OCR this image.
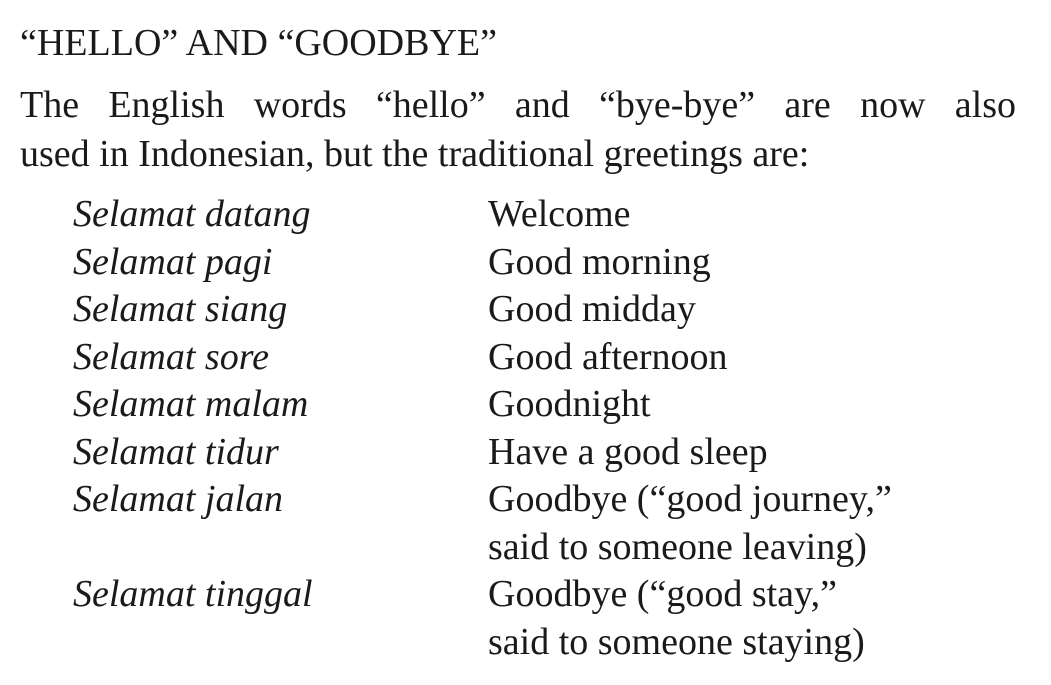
“HELLO” AND “GOODBYE”
The English words “hello” and “bye-bye” are now also
used in Indonesian, but the traditional greetings are:
Selamat datang	Welcome
Selamat pagi	Good morning
Selamat siang	Good midday
Selamat sore	Good afternoon
Selamat malam	Goodnight
Selamat tidur	Have a good sleep
Selamat jalan	Goodbye (“good journey,”
said to someone leaving)
Selamat tinggal	Goodbye (“good stay,”
said to someone staying)
